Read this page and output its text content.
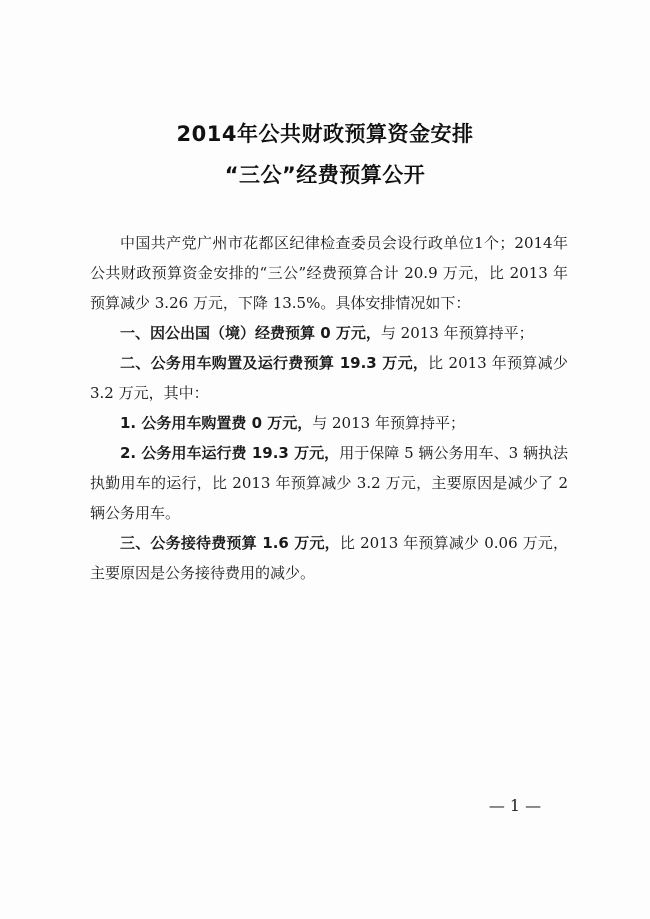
2014年公共财政预算资金安排
“三公”经费预算公开

中国共产党广州市花都区纪律检查委员会设行政单位1个；2014年公共财政预算资金安排的“三公”经费预算合计 20.9 万元，比 2013 年预算减少 3.26 万元，下降 13.5%。具体安排情况如下：

一、因公出国（境）经费预算 0 万元，与 2013 年预算持平；

二、公务用车购置及运行费预算 19.3 万元，比 2013 年预算减少 3.2 万元，其中：

1. 公务用车购置费 0 万元，与 2013 年预算持平；

2. 公务用车运行费 19.3 万元，用于保障 5 辆公务用车、3 辆执法执勤用车的运行，比 2013 年预算减少 3.2 万元，主要原因是减少了 2 辆公务用车。

三、公务接待费预算 1.6 万元，比 2013 年预算减少 0.06 万元，主要原因是公务接待费用的减少。

— 1 —
